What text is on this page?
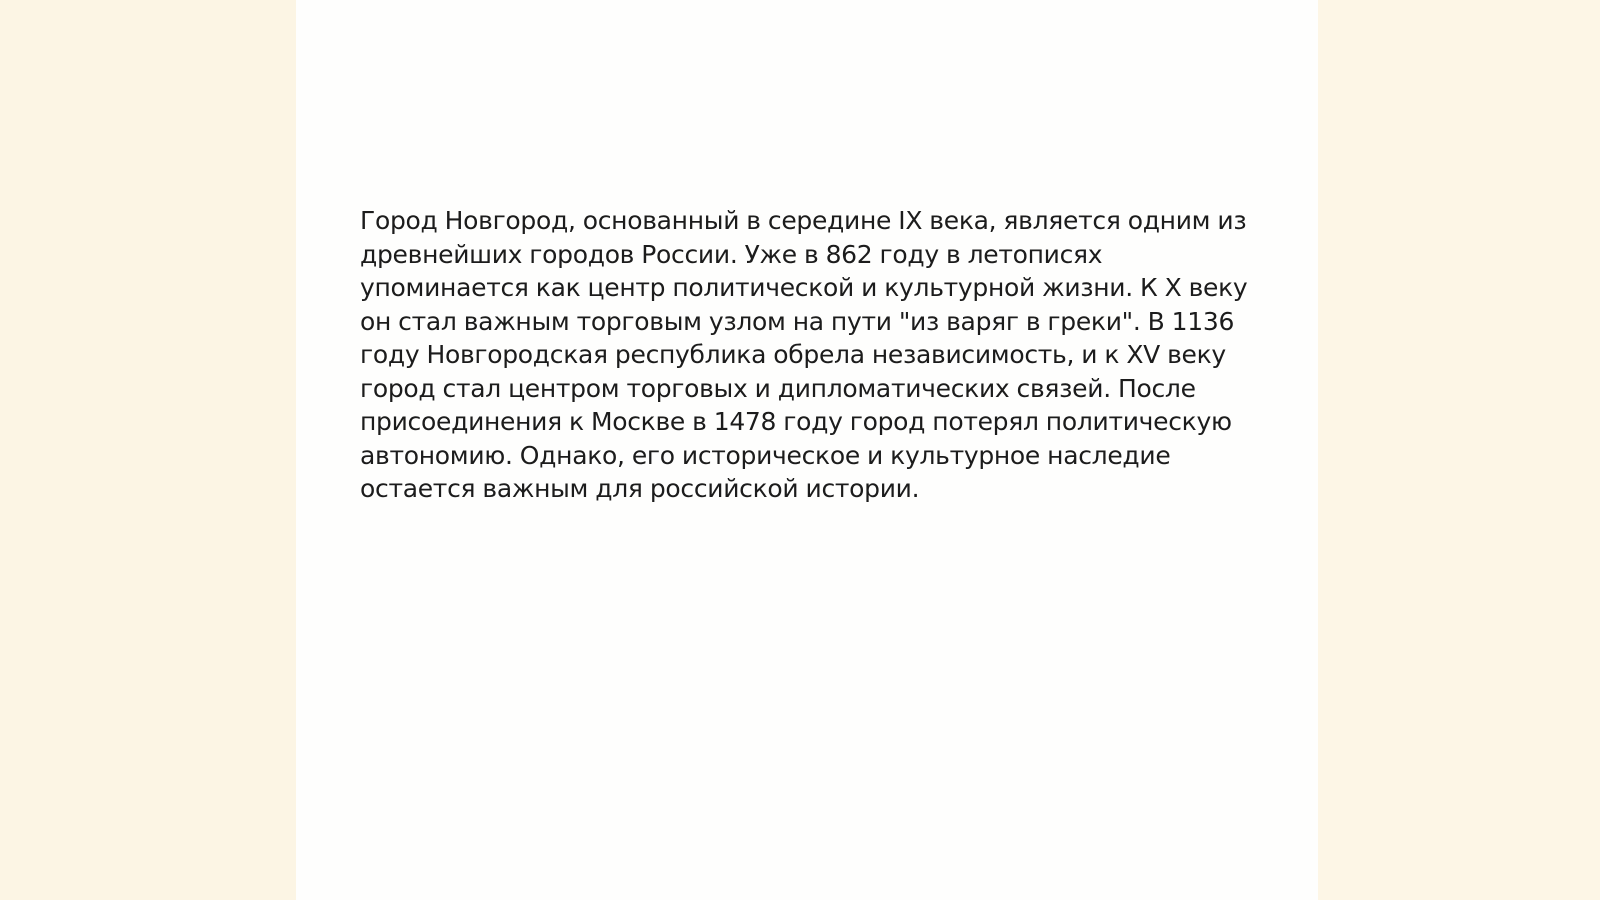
Город Новгород, основанный в середине IX века, является одним из древнейших городов России. Уже в 862 году в летописях упоминается как центр политической и культурной жизни. К X веку он стал важным торговым узлом на пути "из варяг в греки". В 1136 году Новгородская республика обрела независимость, и к XV веку город стал центром торговых и дипломатических связей. После присоединения к Москве в 1478 году город потерял политическую автономию. Однако, его историческое и культурное наследие остается важным для российской истории.
